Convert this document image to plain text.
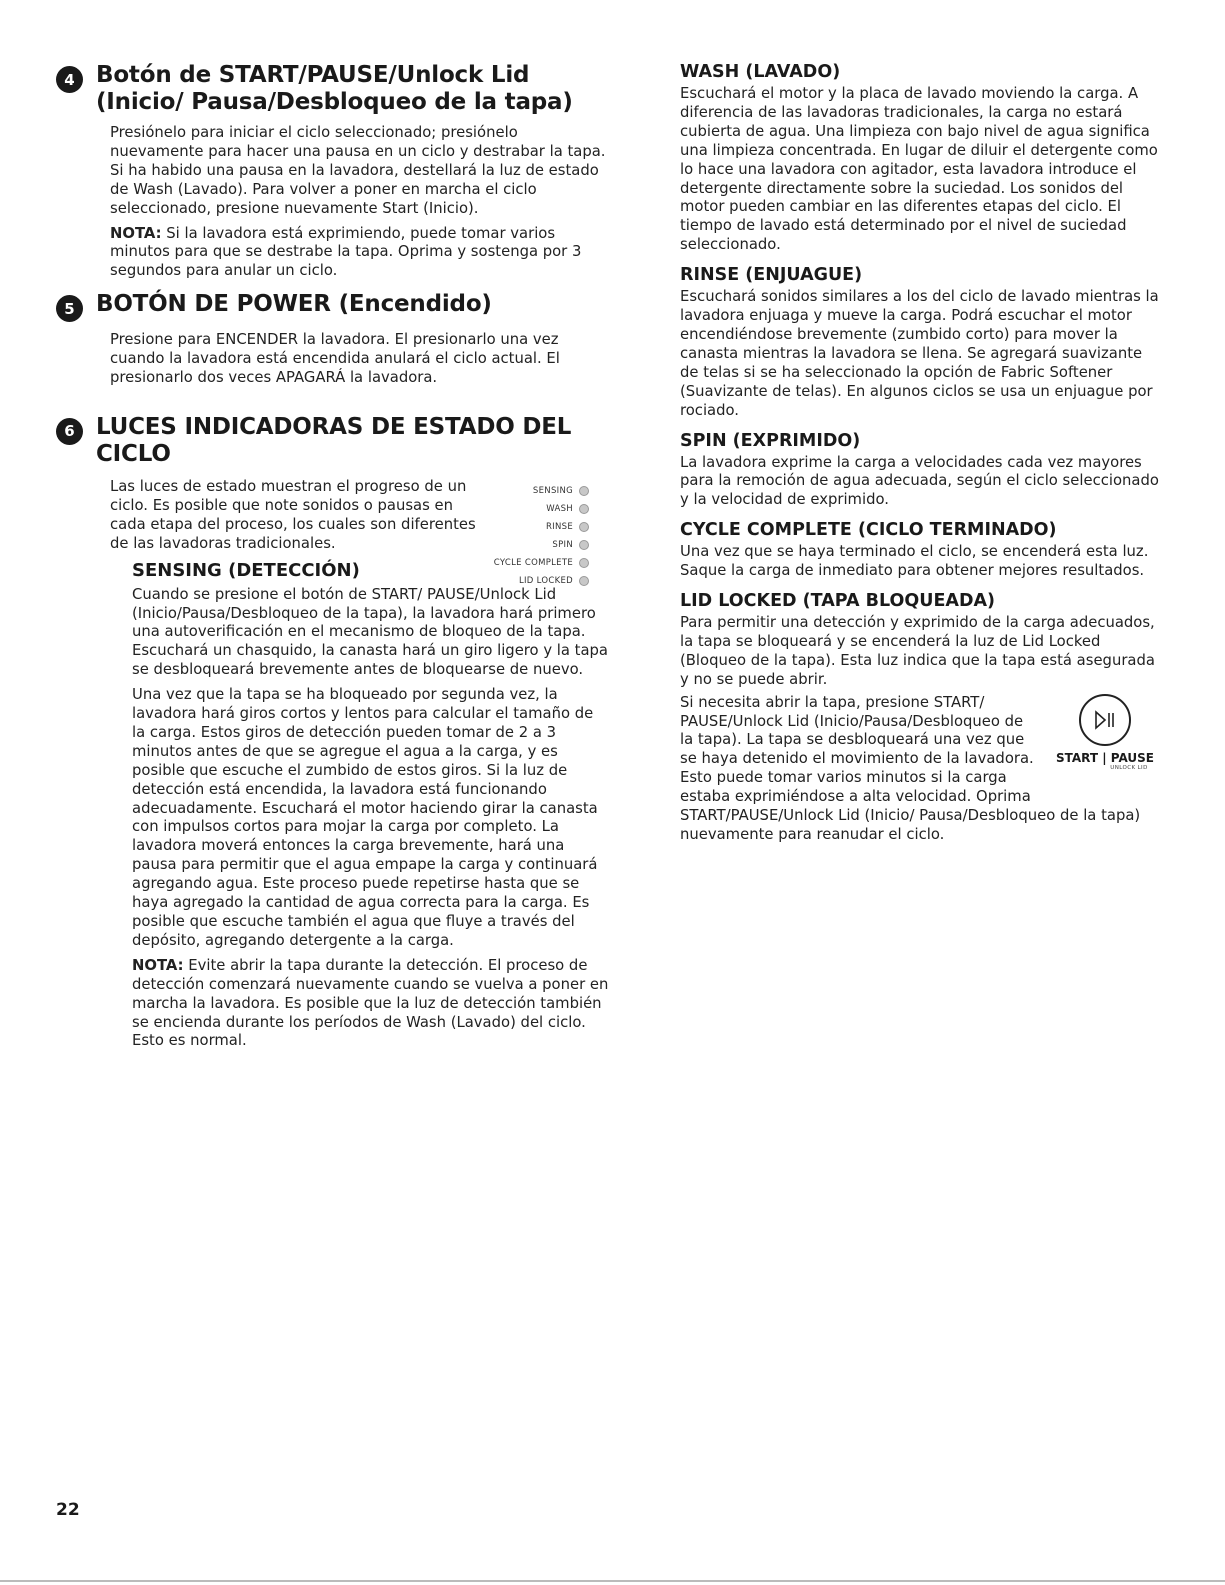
4 Botón de START/PAUSE/Unlock Lid (Inicio/ Pausa/Desbloqueo de la tapa)

Presiónelo para iniciar el ciclo seleccionado; presiónelo nuevamente para hacer una pausa en un ciclo y destrabar la tapa. Si ha habido una pausa en la lavadora, destellará la luz de estado de Wash (Lavado). Para volver a poner en marcha el ciclo seleccionado, presione nuevamente Start (Inicio).

NOTA: Si la lavadora está exprimiendo, puede tomar varios minutos para que se destrabe la tapa. Oprima y sostenga por 3 segundos para anular un ciclo.

5 BOTÓN DE POWER (Encendido)

Presione para ENCENDER la lavadora. El presionarlo una vez cuando la lavadora está encendida anulará el ciclo actual. El presionarlo dos veces APAGARÁ la lavadora.

6 LUCES INDICADORAS DE ESTADO DEL CICLO

Las luces de estado muestran el progreso de un ciclo. Es posible que note sonidos o pausas en cada etapa del proceso, los cuales son diferentes de las lavadoras tradicionales.

SENSING
WASH
RINSE
SPIN
CYCLE COMPLETE
LID LOCKED
SENSING (DETECCIÓN)

Cuando se presione el botón de START/ PAUSE/Unlock Lid (Inicio/Pausa/Desbloqueo de la tapa), la lavadora hará primero una autoverificación en el mecanismo de bloqueo de la tapa. Escuchará un chasquido, la canasta hará un giro ligero y la tapa se desbloqueará brevemente antes de bloquearse de nuevo.

Una vez que la tapa se ha bloqueado por segunda vez, la lavadora hará giros cortos y lentos para calcular el tamaño de la carga. Estos giros de detección pueden tomar de 2 a 3 minutos antes de que se agregue el agua a la carga, y es posible que escuche el zumbido de estos giros. Si la luz de detección está encendida, la lavadora está funcionando adecuadamente. Escuchará el motor haciendo girar la canasta con impulsos cortos para mojar la carga por completo. La lavadora moverá entonces la carga brevemente, hará una pausa para permitir que el agua empape la carga y continuará agregando agua. Este proceso puede repetirse hasta que se haya agregado la cantidad de agua correcta para la carga. Es posible que escuche también el agua que fluye a través del depósito, agregando detergente a la carga.

NOTA: Evite abrir la tapa durante la detección. El proceso de detección comenzará nuevamente cuando se vuelva a poner en marcha la lavadora. Es posible que la luz de detección también se encienda durante los períodos de Wash (Lavado) del ciclo. Esto es normal.

WASH (LAVADO)

Escuchará el motor y la placa de lavado moviendo la carga. A diferencia de las lavadoras tradicionales, la carga no estará cubierta de agua. Una limpieza con bajo nivel de agua significa una limpieza concentrada. En lugar de diluir el detergente como lo hace una lavadora con agitador, esta lavadora introduce el detergente directamente sobre la suciedad. Los sonidos del motor pueden cambiar en las diferentes etapas del ciclo. El tiempo de lavado está determinado por el nivel de suciedad seleccionado.

RINSE (ENJUAGUE)

Escuchará sonidos similares a los del ciclo de lavado mientras la lavadora enjuaga y mueve la carga. Podrá escuchar el motor encendiéndose brevemente (zumbido corto) para mover la canasta mientras la lavadora se llena. Se agregará suavizante de telas si se ha seleccionado la opción de Fabric Softener (Suavizante de telas). En algunos ciclos se usa un enjuague por rociado.

SPIN (EXPRIMIDO)

La lavadora exprime la carga a velocidades cada vez mayores para la remoción de agua adecuada, según el ciclo seleccionado y la velocidad de exprimido.

CYCLE COMPLETE (CICLO TERMINADO)

Una vez que se haya terminado el ciclo, se encenderá esta luz. Saque la carga de inmediato para obtener mejores resultados.

LID LOCKED (TAPA BLOQUEADA)

Para permitir una detección y exprimido de la carga adecuados, la tapa se bloqueará y se encenderá la luz de Lid Locked (Bloqueo de la tapa). Esta luz indica que la tapa está asegurada y no se puede abrir.

START | PAUSE
UNLOCK LID

Si necesita abrir la tapa, presione START/ PAUSE/Unlock Lid (Inicio/Pausa/Desbloqueo de la tapa). La tapa se desbloqueará una vez que se haya detenido el movimiento de la lavadora. Esto puede tomar varios minutos si la carga estaba exprimiéndose a alta velocidad. Oprima START/PAUSE/Unlock Lid (Inicio/ Pausa/Desbloqueo de la tapa) nuevamente para reanudar el ciclo.

22
